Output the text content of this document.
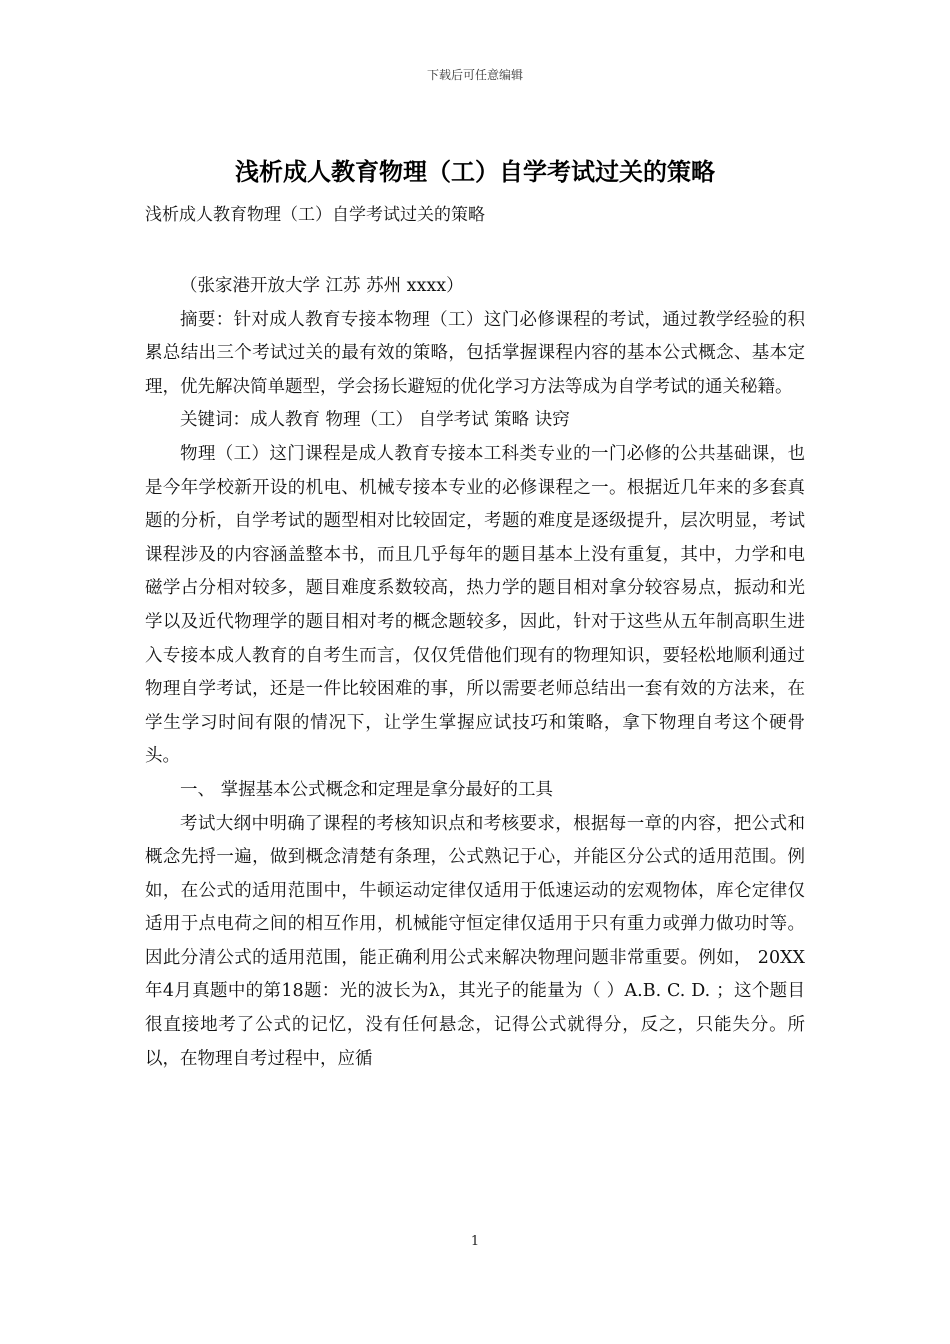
下载后可任意编辑
浅析成人教育物理（工）自学考试过关的策略
浅析成人教育物理（工）自学考试过关的策略

（张家港开放大学 江苏 苏州 xxxx）

摘要：针对成人教育专接本物理（工）这门必修课程的考试，通过教学经验的积累总结出三个考试过关的最有效的策略，包括掌握课程内容的基本公式概念、基本定理，优先解决简单题型，学会扬长避短的优化学习方法等成为自学考试的通关秘籍。

关键词：成人教育 物理（工） 自学考试 策略 诀窍

物理（工）这门课程是成人教育专接本工科类专业的一门必修的公共基础课，也是今年学校新开设的机电、机械专接本专业的必修课程之一。根据近几年来的多套真题的分析，自学考试的题型相对比较固定，考题的难度是逐级提升，层次明显，考试课程涉及的内容涵盖整本书，而且几乎每年的题目基本上没有重复，其中，力学和电磁学占分相对较多，题目难度系数较高，热力学的题目相对拿分较容易点，振动和光学以及近代物理学的题目相对考的概念题较多，因此，针对于这些从五年制高职生进入专接本成人教育的自考生而言，仅仅凭借他们现有的物理知识，要轻松地顺利通过物理自学考试，还是一件比较困难的事，所以需要老师总结出一套有效的方法来，在学生学习时间有限的情况下，让学生掌握应试技巧和策略，拿下物理自考这个硬骨头。

一、 掌握基本公式概念和定理是拿分最好的工具

考试大纲中明确了课程的考核知识点和考核要求，根据每一章的内容，把公式和概念先捋一遍，做到概念清楚有条理，公式熟记于心，并能区分公式的适用范围。例如，在公式的适用范围中，牛顿运动定律仅适用于低速运动的宏观物体，库仑定律仅适用于点电荷之间的相互作用，机械能守恒定律仅适用于只有重力或弹力做功时等。因此分清公式的适用范围，能正确利用公式来解决物理问题非常重要。例如， 20XX年4月真题中的第18题：光的波长为λ，其光子的能量为（ ）A.B. C. D. ；这个题目很直接地考了公式的记忆，没有任何悬念，记得公式就得分，反之，只能失分。所以，在物理自考过程中，应循

1
